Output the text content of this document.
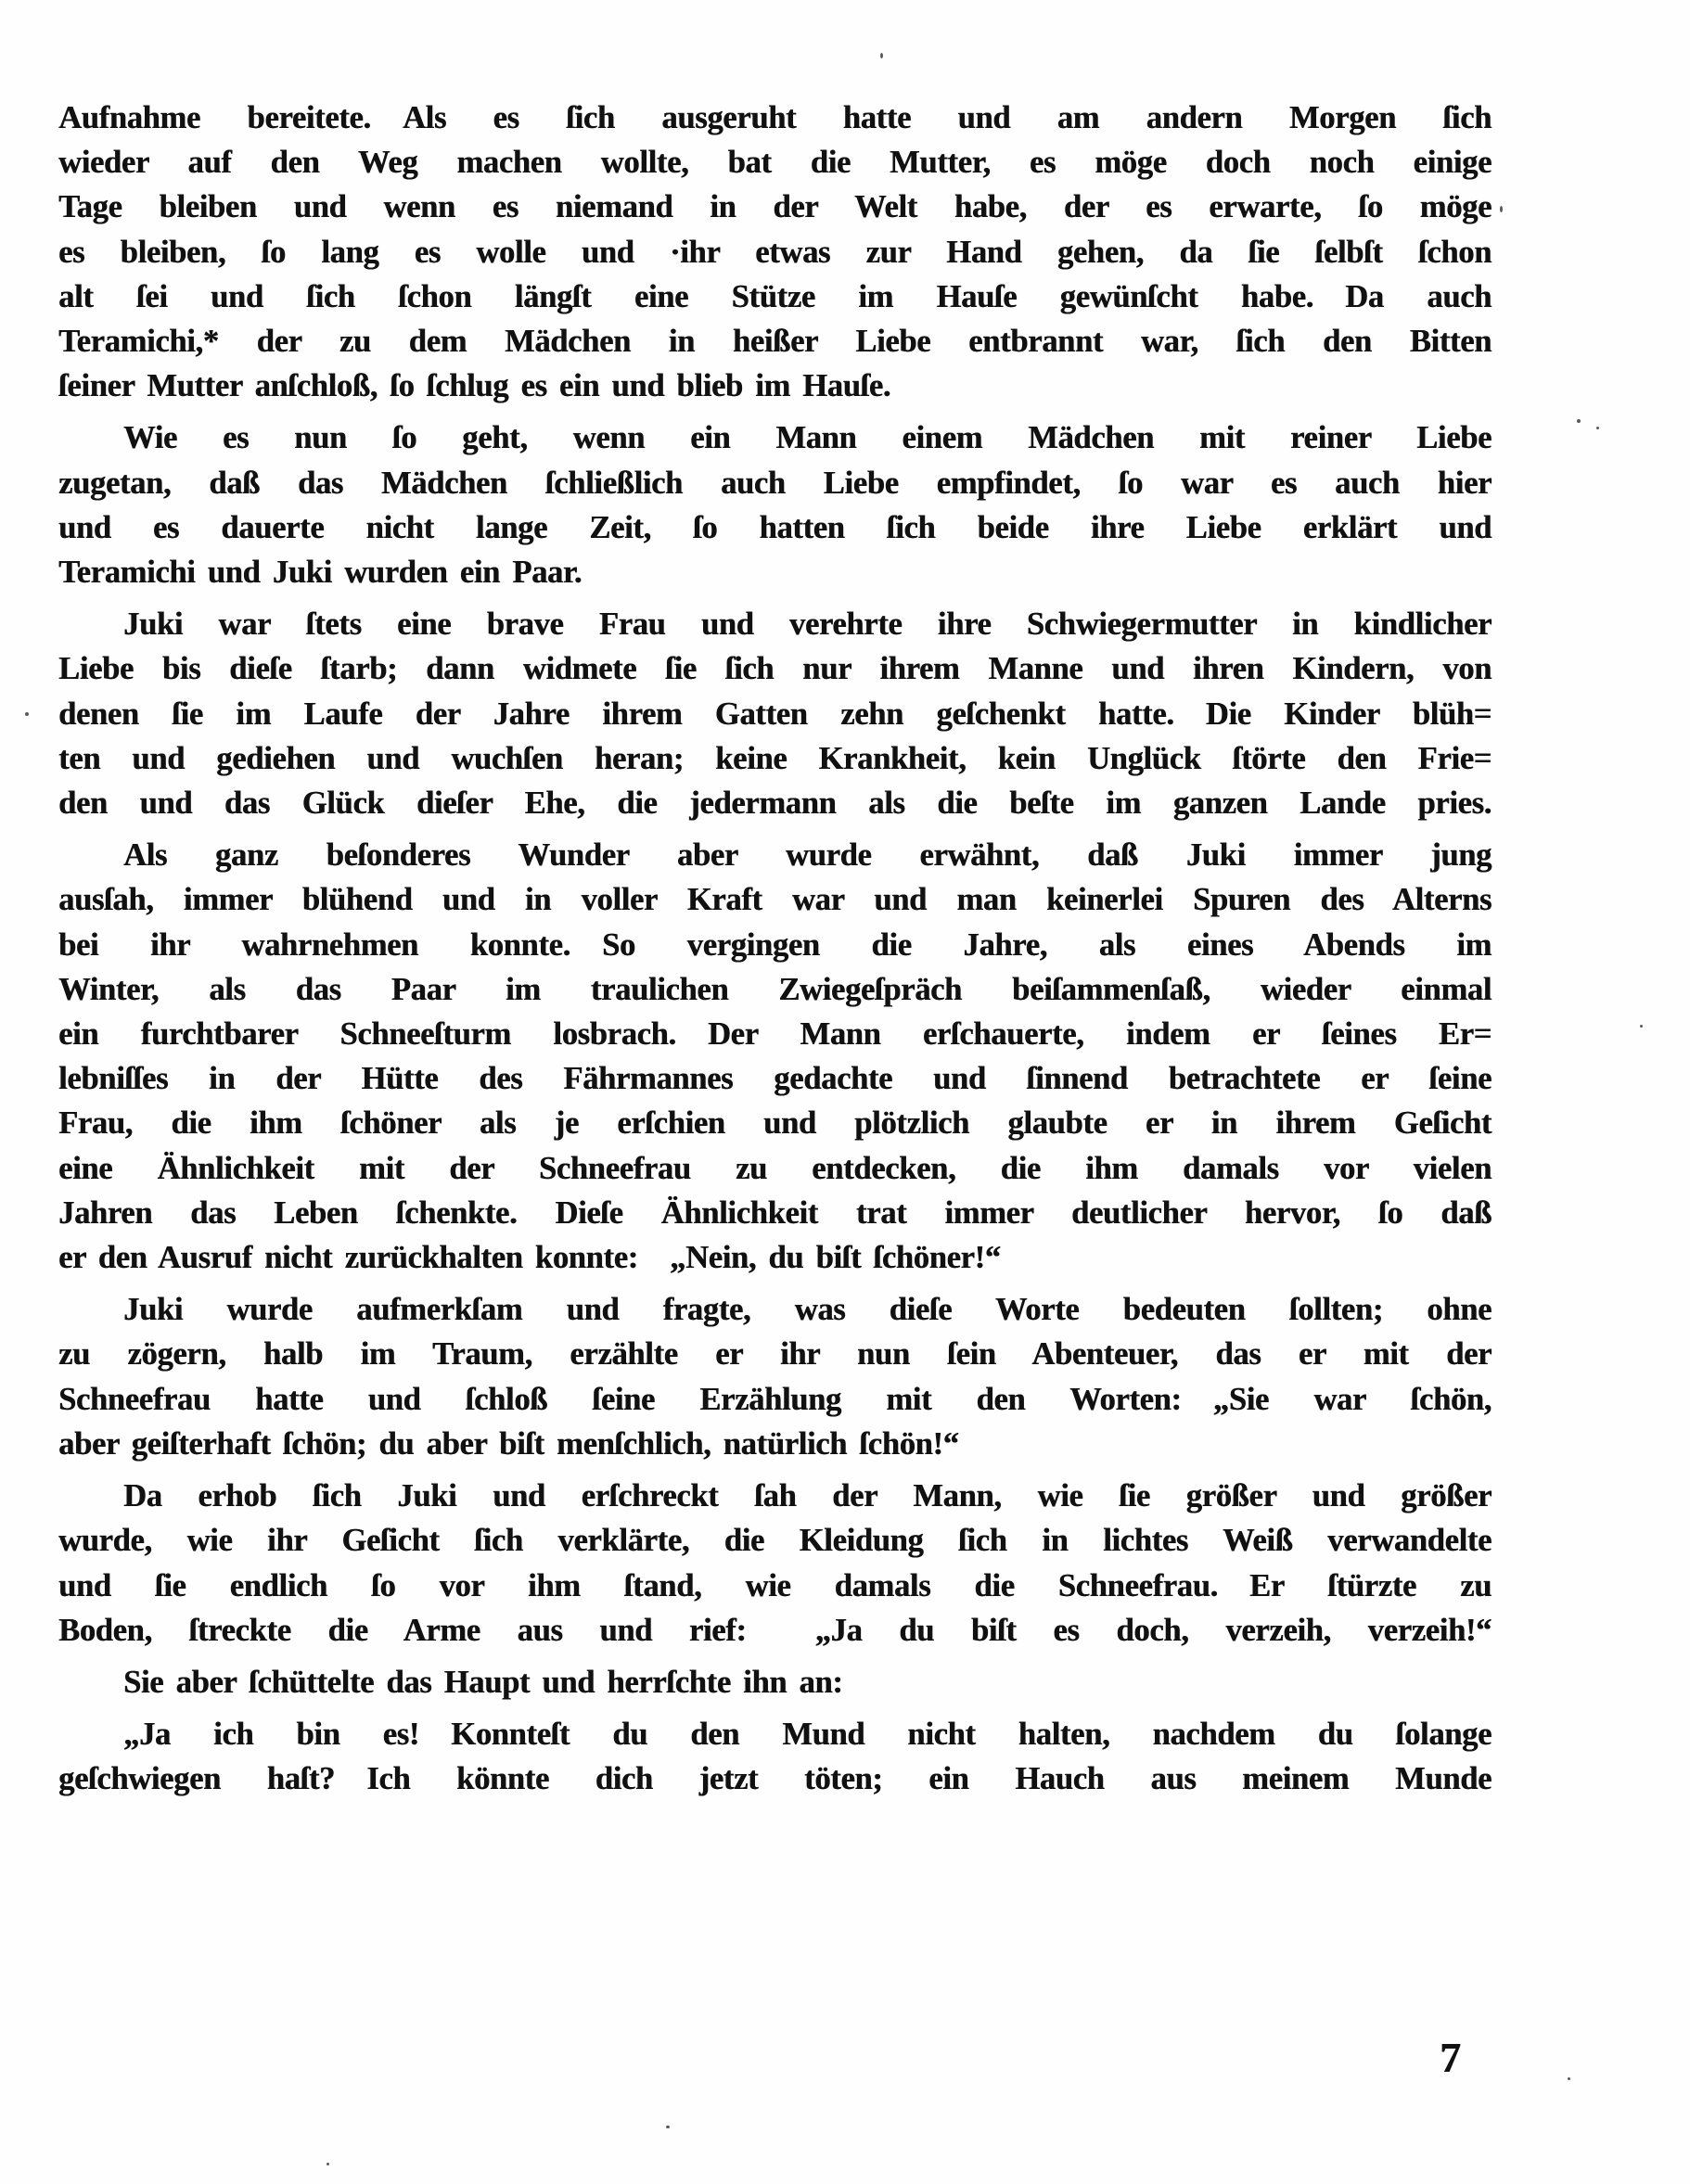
Aufnahme bereitete. Als es ſich ausgeruht hatte und am andern Morgen ſich
wieder auf den Weg machen wollte, bat die Mutter, es möge doch noch einige
Tage bleiben und wenn es niemand in der Welt habe, der es erwarte, ſo möge
es bleiben, ſo lang es wolle und ·ihr etwas zur Hand gehen, da ſie ſelbſt ſchon
alt ſei und ſich ſchon längſt eine Stütze im Hauſe gewünſcht habe. Da auch
Teramichi,* der zu dem Mädchen in heißer Liebe entbrannt war, ſich den Bitten
ſeiner Mutter anſchloß, ſo ſchlug es ein und blieb im Hauſe.
Wie es nun ſo geht, wenn ein Mann einem Mädchen mit reiner Liebe
zugetan, daß das Mädchen ſchließlich auch Liebe empfindet, ſo war es auch hier
und es dauerte nicht lange Zeit, ſo hatten ſich beide ihre Liebe erklärt und
Teramichi und Juki wurden ein Paar.
Juki war ſtets eine brave Frau und verehrte ihre Schwiegermutter in kindlicher
Liebe bis dieſe ſtarb; dann widmete ſie ſich nur ihrem Manne und ihren Kindern, von
denen ſie im Laufe der Jahre ihrem Gatten zehn geſchenkt hatte. Die Kinder blüh=
ten und gediehen und wuchſen heran; keine Krankheit, kein Unglück ſtörte den Frie=
den und das Glück dieſer Ehe, die jedermann als die beſte im ganzen Lande pries.
Als ganz beſonderes Wunder aber wurde erwähnt, daß Juki immer jung
ausſah, immer blühend und in voller Kraft war und man keinerlei Spuren des Alterns
bei ihr wahrnehmen konnte. So vergingen die Jahre, als eines Abends im
Winter, als das Paar im traulichen Zwiegeſpräch beiſammenſaß, wieder einmal
ein furchtbarer Schneeſturm losbrach. Der Mann erſchauerte, indem er ſeines Er=
lebniſſes in der Hütte des Fährmannes gedachte und ſinnend betrachtete er ſeine
Frau, die ihm ſchöner als je erſchien und plötzlich glaubte er in ihrem Geſicht
eine Ähnlichkeit mit der Schneefrau zu entdecken, die ihm damals vor vielen
Jahren das Leben ſchenkte. Dieſe Ähnlichkeit trat immer deutlicher hervor, ſo daß
er den Ausruf nicht zurückhalten konnte: „Nein, du biſt ſchöner!“
Juki wurde aufmerkſam und fragte, was dieſe Worte bedeuten ſollten; ohne
zu zögern, halb im Traum, erzählte er ihr nun ſein Abenteuer, das er mit der
Schneefrau hatte und ſchloß ſeine Erzählung mit den Worten: „Sie war ſchön,
aber geiſterhaft ſchön; du aber biſt menſchlich, natürlich ſchön!“
Da erhob ſich Juki und erſchreckt ſah der Mann, wie ſie größer und größer
wurde, wie ihr Geſicht ſich verklärte, die Kleidung ſich in lichtes Weiß verwandelte
und ſie endlich ſo vor ihm ſtand, wie damals die Schneefrau. Er ſtürzte zu
Boden, ſtreckte die Arme aus und rief:  „Ja du biſt es doch, verzeih, verzeih!“
Sie aber ſchüttelte das Haupt und herrſchte ihn an:
„Ja ich bin es! Konnteſt du den Mund nicht halten, nachdem du ſolange
geſchwiegen haſt? Ich könnte dich jetzt töten; ein Hauch aus meinem Munde
7
